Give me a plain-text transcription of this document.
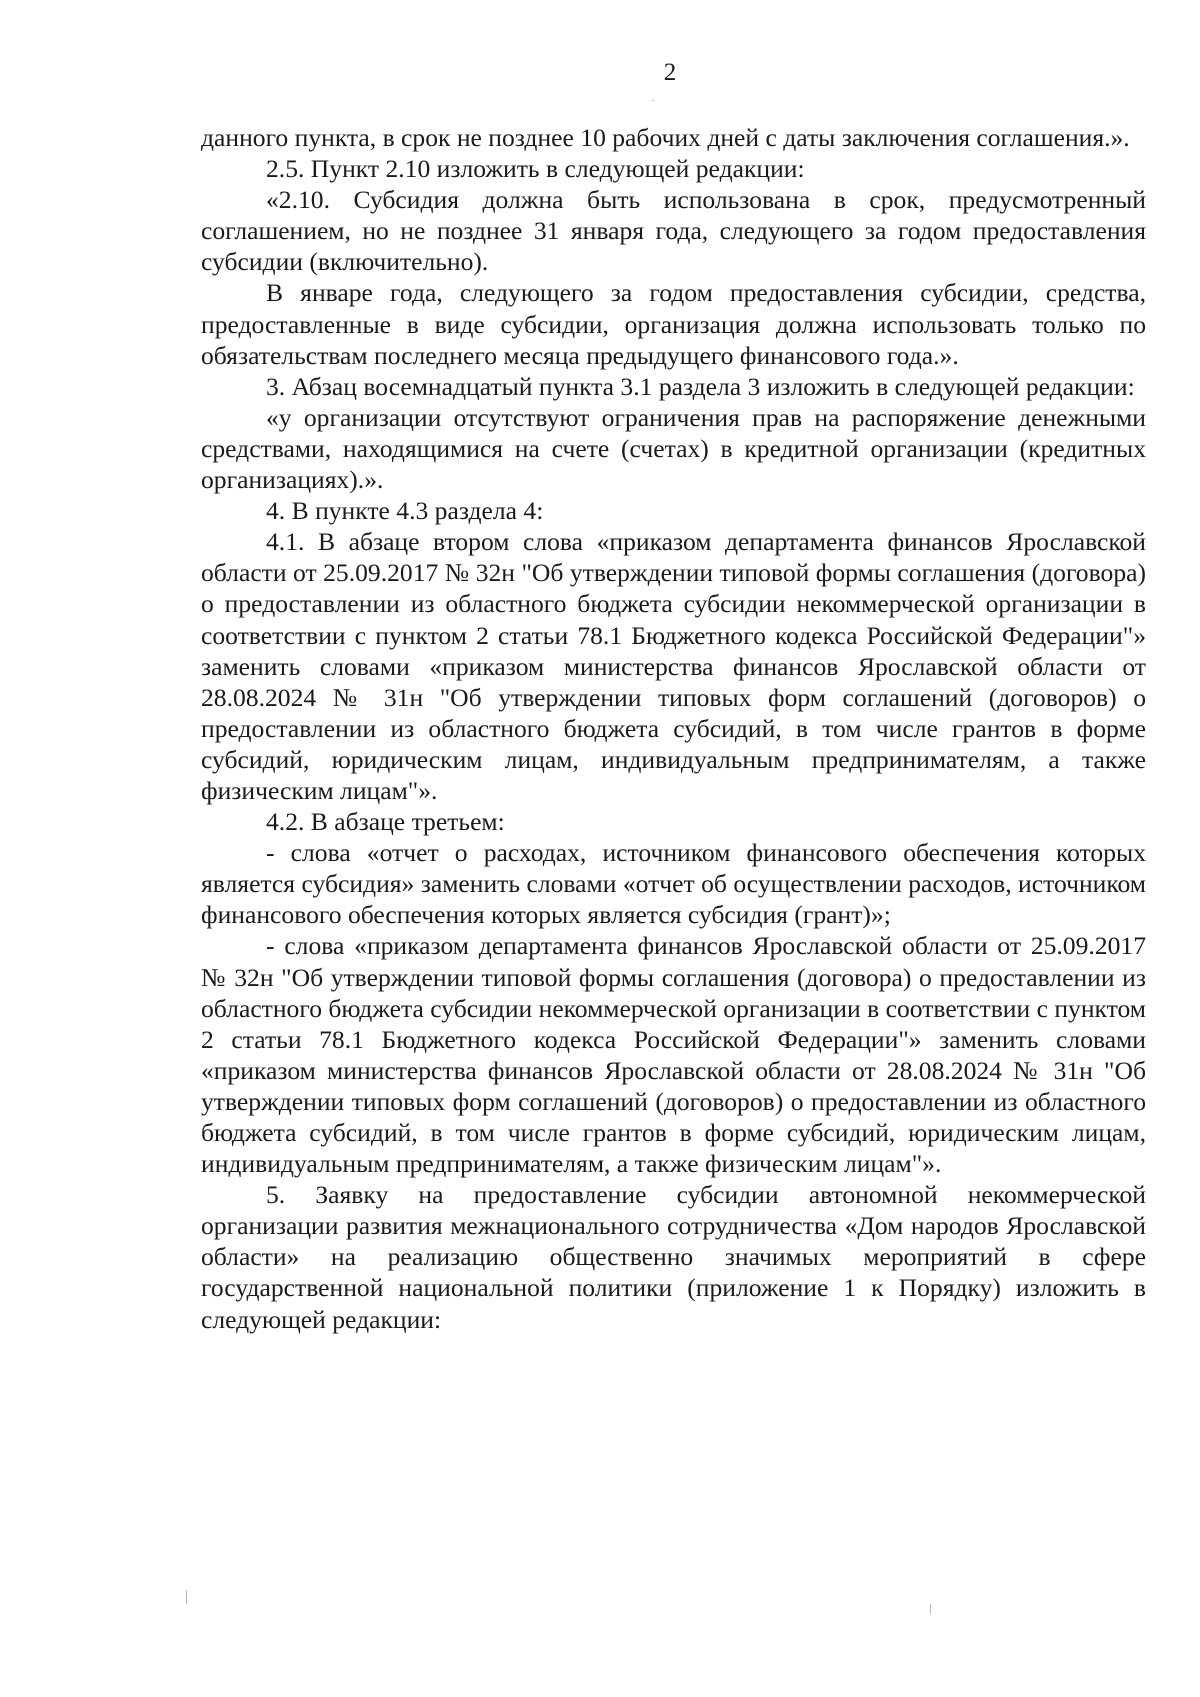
2

данного пункта, в срок не позднее 10 рабочих дней с даты заключения соглашения.».

2.5. Пункт 2.10 изложить в следующей редакции:

«2.10. Субсидия должна быть использована в срок, предусмотренный соглашением, но не позднее 31 января года, следующего за годом предоставления субсидии (включительно).

В январе года, следующего за годом предоставления субсидии, средства, предоставленные в виде субсидии, организация должна использовать только по обязательствам последнего месяца предыдущего финансового года.».

3. Абзац восемнадцатый пункта 3.1 раздела 3 изложить в следующей редакции:

«у организации отсутствуют ограничения прав на распоряжение денежными средствами, находящимися на счете (счетах) в кредитной организации (кредитных организациях).».

4. В пункте 4.3 раздела 4:

4.1. В абзаце втором слова «приказом департамента финансов Ярославской области от 25.09.2017 № 32н "Об утверждении типовой формы соглашения (договора) о предоставлении из областного бюджета субсидии некоммерческой организации в соответствии с пунктом 2 статьи 78.1 Бюджетного кодекса Российской Федерации"» заменить словами «приказом министерства финансов Ярославской области от 28.08.2024 № 31н "Об утверждении типовых форм соглашений (договоров) о предоставлении из областного бюджета субсидий, в том числе грантов в форме субсидий, юридическим лицам, индивидуальным предпринимателям, а также физическим лицам"».

4.2. В абзаце третьем:

- слова «отчет о расходах, источником финансового обеспечения которых является субсидия» заменить словами «отчет об осуществлении расходов, источником финансового обеспечения которых является субсидия (грант)»;

- слова «приказом департамента финансов Ярославской области от 25.09.2017 № 32н "Об утверждении типовой формы соглашения (договора) о предоставлении из областного бюджета субсидии некоммерческой организации в соответствии с пунктом 2 статьи 78.1 Бюджетного кодекса Российской Федерации"» заменить словами «приказом министерства финансов Ярославской области от 28.08.2024 № 31н "Об утверждении типовых форм соглашений (договоров) о предоставлении из областного бюджета субсидий, в том числе грантов в форме субсидий, юридическим лицам, индивидуальным предпринимателям, а также физическим лицам"».

5. Заявку на предоставление субсидии автономной некоммерческой организации развития межнационального сотрудничества «Дом народов Ярославской области» на реализацию общественно значимых мероприятий в сфере государственной национальной политики (приложение 1 к Порядку) изложить в следующей редакции:
